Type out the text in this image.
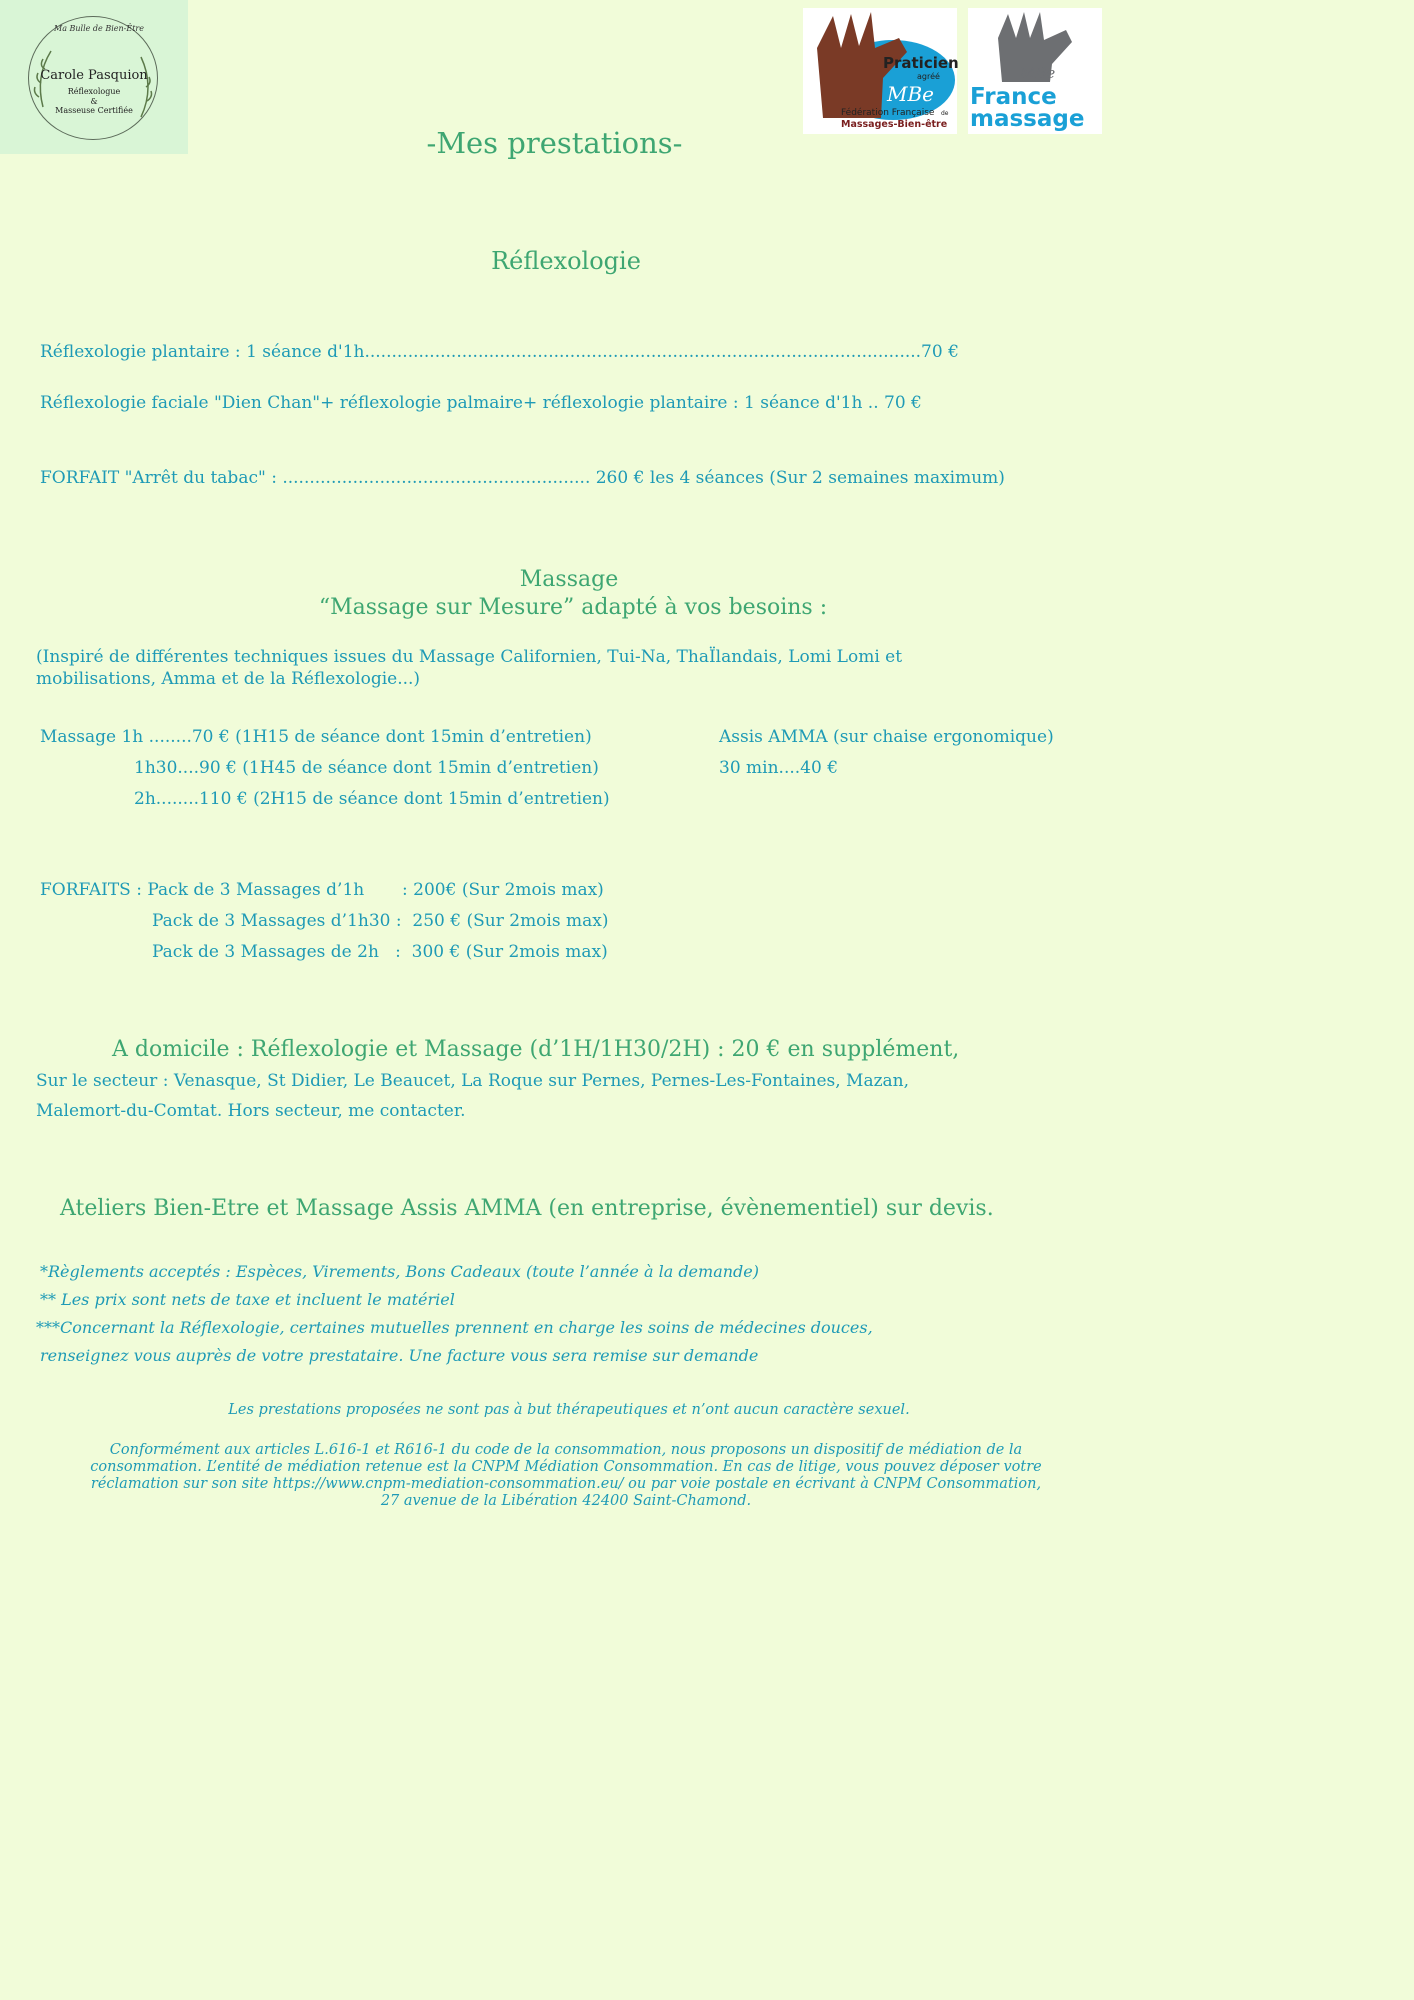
Ma Bulle de Bien-Être
Carole Pasquion
Réflexologue
&
Masseuse Certifiée
Praticien
agréé
MBe
Fédération Française de
Massages-Bien-être
MBe
France
massage
-Mes prestations-
Réflexologie
Réflexologie plantaire : 1 séance d'1h.......................................................................................................70 €
Réflexologie faciale "Dien Chan"+ réflexologie palmaire+ réflexologie plantaire : 1 séance d'1h .. 70 €
FORFAIT "Arrêt du tabac" : ......................................................... 260 € les 4 séances (Sur 2 semaines maximum)
Massage
“Massage sur Mesure” adapté à vos besoins :
(Inspiré de différentes techniques issues du Massage Californien, Tui-Na, ThaÏlandais, Lomi Lomi et
mobilisations, Amma et de la Réflexologie...)
Massage 1h ........70 € (1H15 de séance dont 15min d’entretien)
1h30....90 € (1H45 de séance dont 15min d’entretien)
2h........110 € (2H15 de séance dont 15min d’entretien)
Assis AMMA (sur chaise ergonomique)
30 min....40 €
FORFAITS : Pack de 3 Massages d’1h       : 200€ (Sur 2mois max)
Pack de 3 Massages d’1h30 :  250 € (Sur 2mois max)
Pack de 3 Massages de 2h   :  300 € (Sur 2mois max)
A domicile : Réflexologie et Massage (d’1H/1H30/2H) : 20 € en supplément,
Sur le secteur : Venasque, St Didier, Le Beaucet, La Roque sur Pernes, Pernes-Les-Fontaines, Mazan,
Malemort-du-Comtat. Hors secteur, me contacter.
Ateliers Bien-Etre et Massage Assis AMMA (en entreprise, évènementiel) sur devis.
*Règlements acceptés : Espèces, Virements, Bons Cadeaux (toute l’année à la demande)
** Les prix sont nets de taxe et incluent le matériel
***Concernant la Réflexologie, certaines mutuelles prennent en charge les soins de médecines douces,
renseignez vous auprès de votre prestataire. Une facture vous sera remise sur demande
Les prestations proposées ne sont pas à but thérapeutiques et n’ont aucun caractère sexuel.
Conformément aux articles L.616-1 et R616-1 du code de la consommation, nous proposons un dispositif de médiation de la
consommation. L’entité de médiation retenue est la CNPM Médiation Consommation. En cas de litige, vous pouvez déposer votre
réclamation sur son site https://www.cnpm-mediation-consommation.eu/ ou par voie postale en écrivant à CNPM Consommation,
27 avenue de la Libération 42400 Saint-Chamond.
